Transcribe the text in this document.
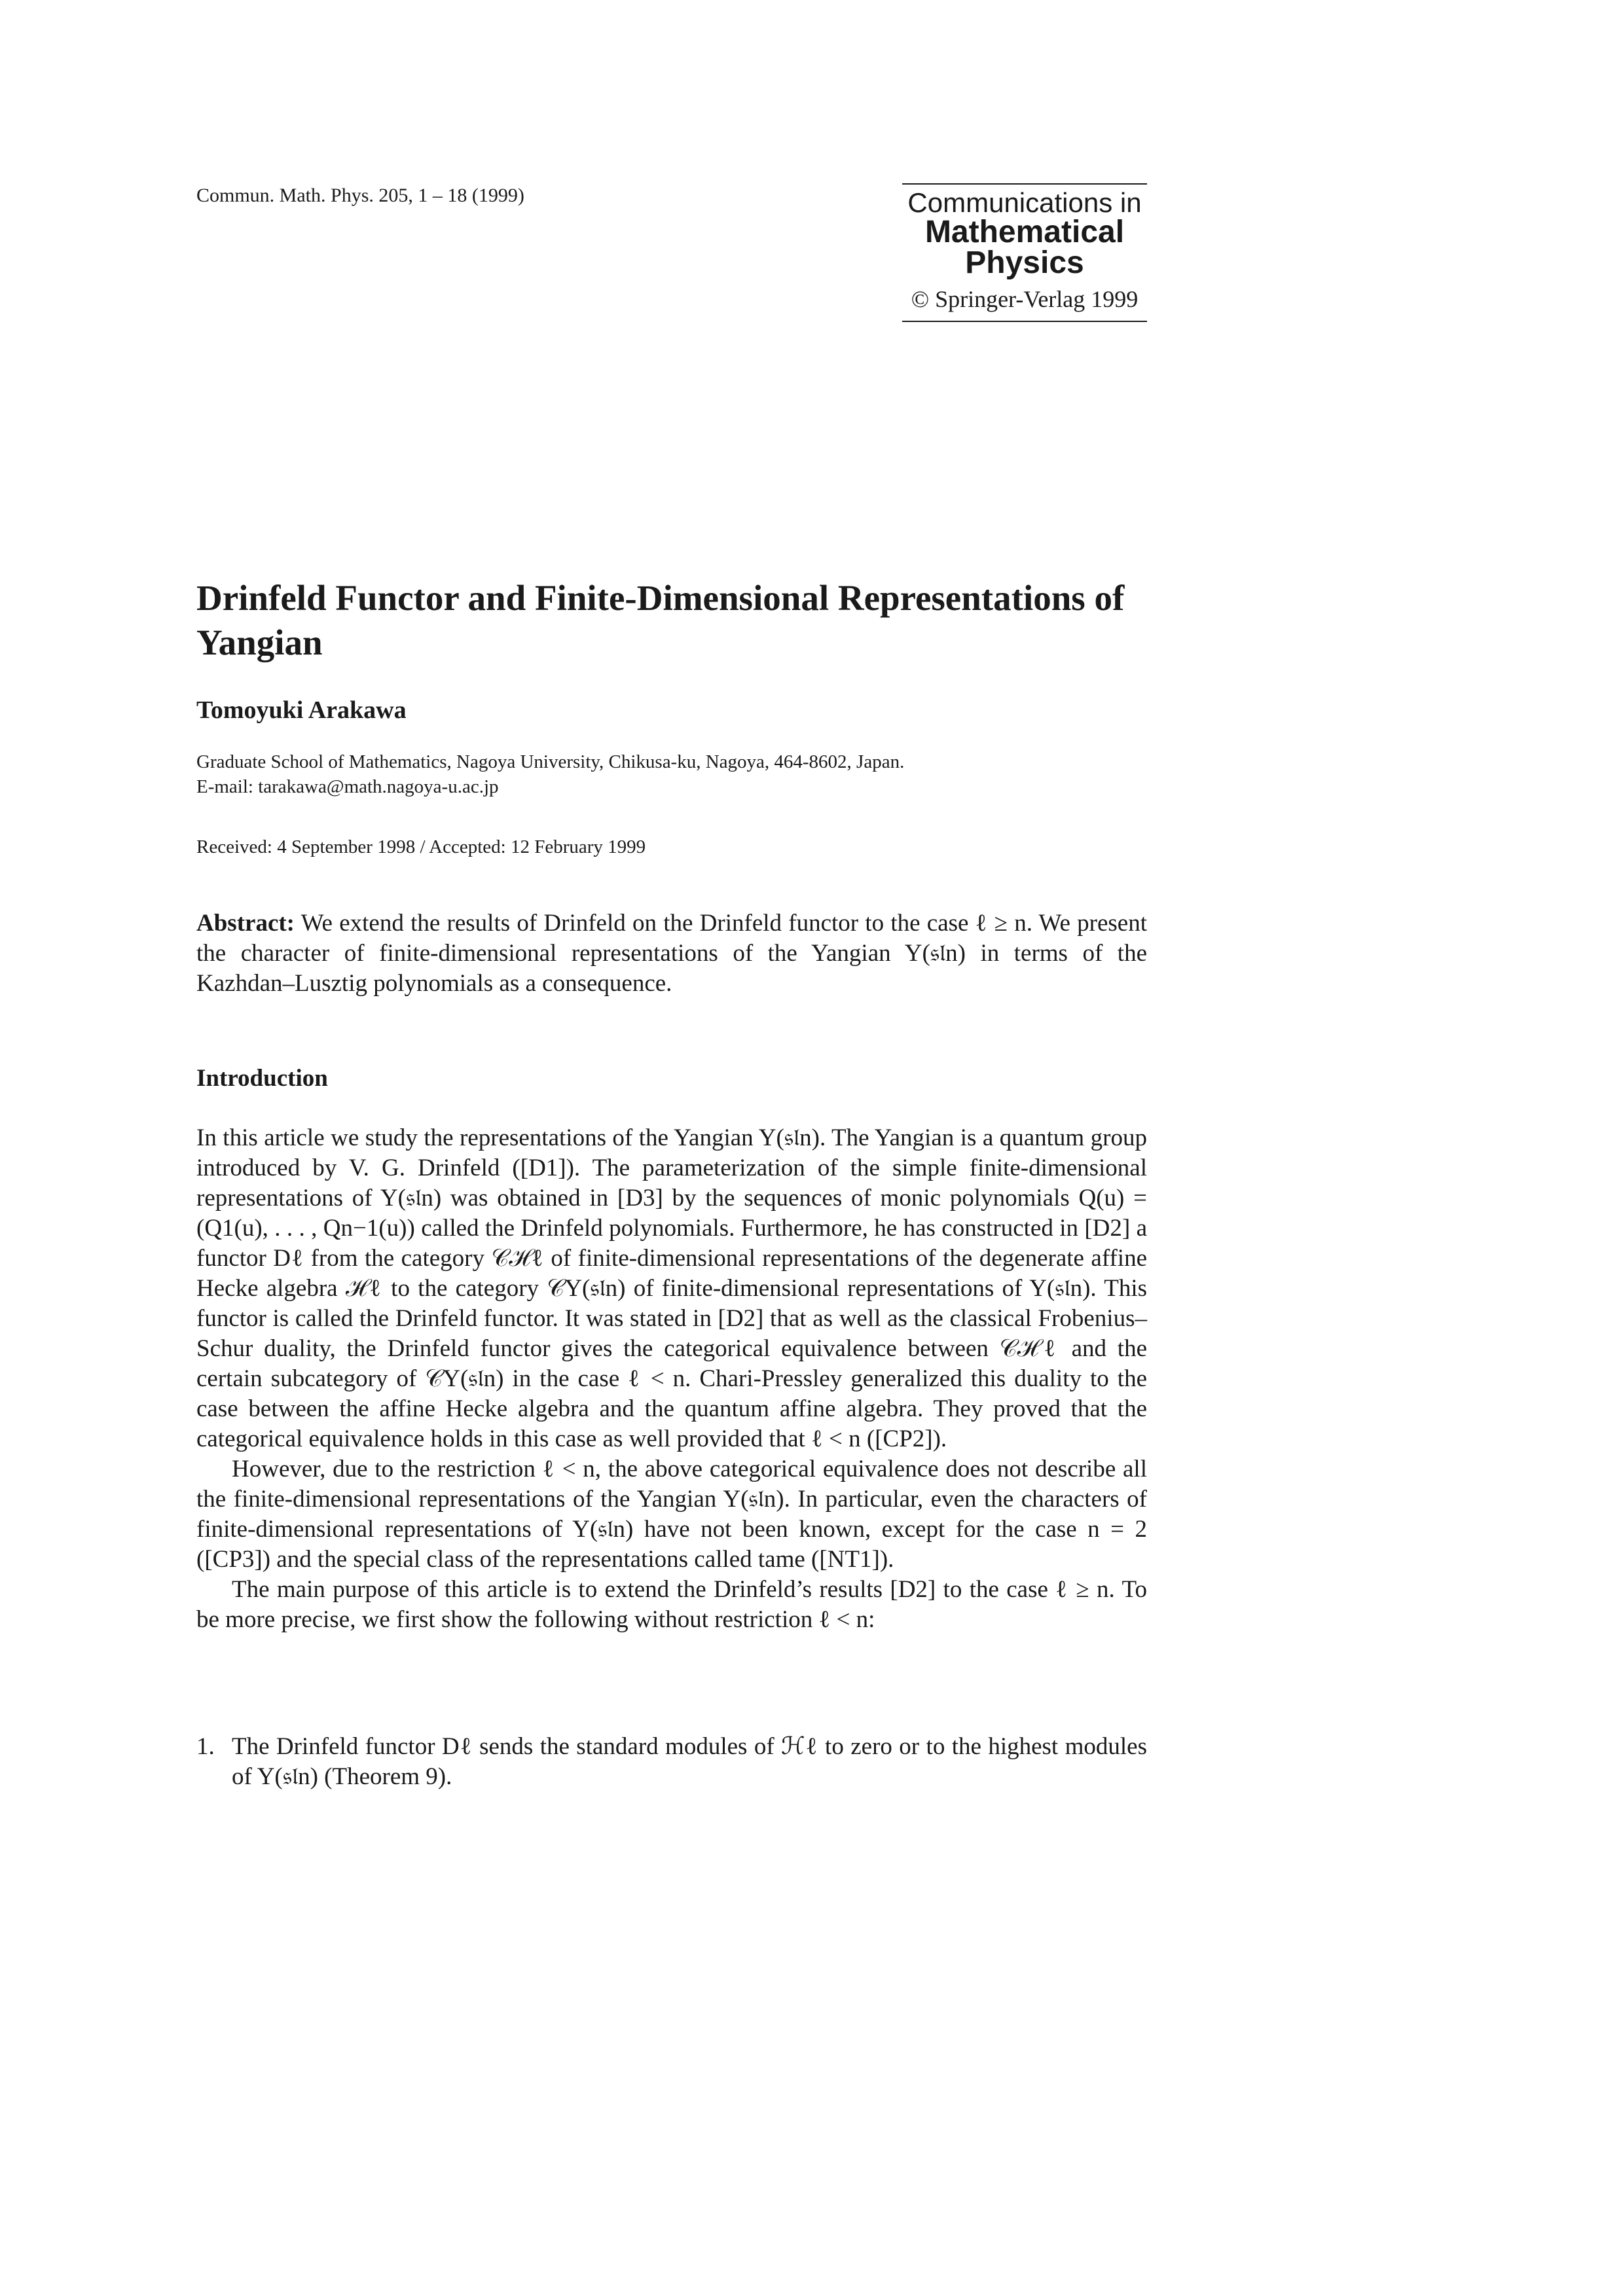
Commun. Math. Phys. 205, 1 – 18 (1999)	Communications in
Mathematical
Physics
© Springer-Verlag 1999
Drinfeld Functor and Finite-Dimensional Representations of Yangian
Tomoyuki Arakawa
Graduate School of Mathematics, Nagoya University, Chikusa-ku, Nagoya, 464-8602, Japan.
E-mail: tarakawa@math.nagoya-u.ac.jp
Received: 4 September 1998 / Accepted: 12 February 1999
Abstract: We extend the results of Drinfeld on the Drinfeld functor to the case ℓ ≥ n. We present the character of finite-dimensional representations of the Yangian Y(𝔰𝔩n) in terms of the Kazhdan–Lusztig polynomials as a consequence.
Introduction

In this article we study the representations of the Yangian Y(𝔰𝔩n). The Yangian is a quantum group introduced by V. G. Drinfeld ([D1]). The parameterization of the simple finite-dimensional representations of Y(𝔰𝔩n) was obtained in [D3] by the sequences of monic polynomials Q(u) = (Q1(u), . . . , Qn−1(u)) called the Drinfeld polynomials. Furthermore, he has constructed in [D2] a functor Dℓ from the category 𝒞ℋℓ of finite-dimensional representations of the degenerate affine Hecke algebra ℋℓ to the category 𝒞Y(𝔰𝔩n) of finite-dimensional representations of Y(𝔰𝔩n). This functor is called the Drinfeld functor. It was stated in [D2] that as well as the classical Frobenius–Schur duality, the Drinfeld functor gives the categorical equivalence between 𝒞ℋℓ and the certain subcategory of 𝒞Y(𝔰𝔩n) in the case ℓ < n. Chari-Pressley generalized this duality to the case between the affine Hecke algebra and the quantum affine algebra. They proved that the categorical equivalence holds in this case as well provided that ℓ < n ([CP2]).

However, due to the restriction ℓ < n, the above categorical equivalence does not describe all the finite-dimensional representations of the Yangian Y(𝔰𝔩n). In particular, even the characters of finite-dimensional representations of Y(𝔰𝔩n) have not been known, except for the case n = 2 ([CP3]) and the special class of the representations called tame ([NT1]).

The main purpose of this article is to extend the Drinfeld’s results [D2] to the case ℓ ≥ n. To be more precise, we first show the following without restriction ℓ < n:

1. The Drinfeld functor Dℓ sends the standard modules of ℋℓ to zero or to the highest modules of Y(𝔰𝔩n) (Theorem 9).
